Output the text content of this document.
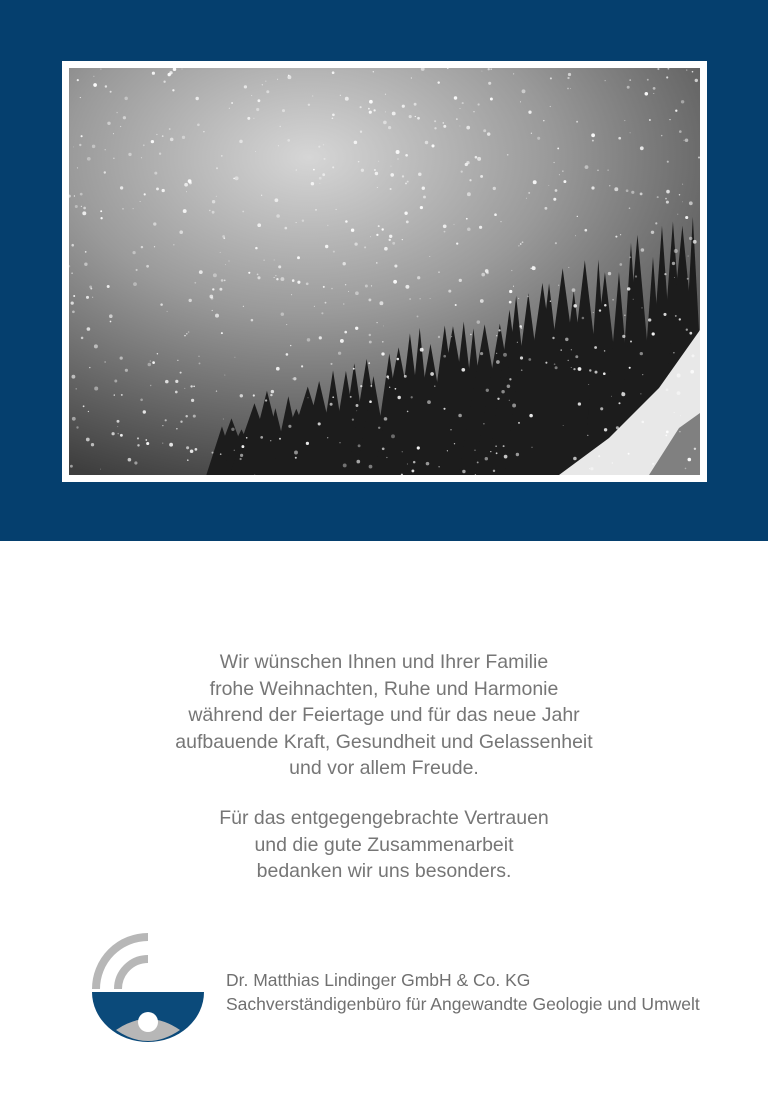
Wir wünschen Ihnen und Ihrer Familie
frohe Weihnachten, Ruhe und Harmonie
während der Feiertage und für das neue Jahr
aufbauende Kraft, Gesundheit und Gelassenheit
und vor allem Freude.

Für das entgegengebrachte Vertrauen
und die gute Zusammenarbeit
bedanken wir uns besonders.

Dr. Matthias Lindinger GmbH & Co. KG
Sachverständigenbüro für Angewandte Geologie und Umwelt
